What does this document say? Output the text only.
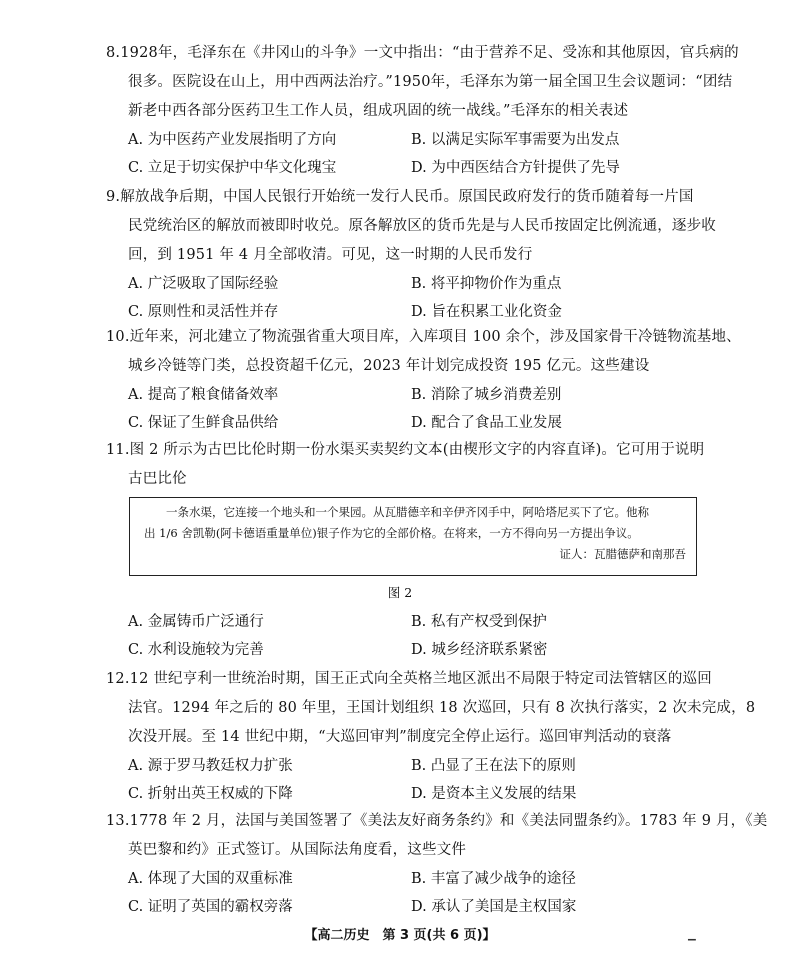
8.1928年，毛泽东在《井冈山的斗争》一文中指出：“由于营养不足、受冻和其他原因，官兵病的
很多。医院设在山上，用中西两法治疗。”1950年，毛泽东为第一届全国卫生会议题词：“团结
新老中西各部分医药卫生工作人员，组成巩固的统一战线。”毛泽东的相关表述
A. 为中医药产业发展指明了方向	B. 以满足实际军事需要为出发点
C. 立足于切实保护中华文化瑰宝	D. 为中西医结合方针提供了先导
9.解放战争后期，中国人民银行开始统一发行人民币。原国民政府发行的货币随着每一片国
民党统治区的解放而被即时收兑。原各解放区的货币先是与人民币按固定比例流通，逐步收
回，到 1951 年 4 月全部收清。可见，这一时期的人民币发行
A. 广泛吸取了国际经验	B. 将平抑物价作为重点
C. 原则性和灵活性并存	D. 旨在积累工业化资金
10.近年来，河北建立了物流强省重大项目库，入库项目 100 余个，涉及国家骨干冷链物流基地、
城乡冷链等门类，总投资超千亿元，2023 年计划完成投资 195 亿元。这些建设
A. 提高了粮食储备效率	B. 消除了城乡消费差别
C. 保证了生鲜食品供给	D. 配合了食品工业发展
11.图 2 所示为古巴比伦时期一份水渠买卖契约文本(由楔形文字的内容直译)。它可用于说明
古巴比伦
一条水渠，它连接一个地头和一个果园。从瓦腊德辛和辛伊齐冈手中，阿哈塔尼买下了它。他称
出 1/6 舍凯勒(阿卡德语重量单位)银子作为它的全部价格。在将来，一方不得向另一方提出争议。
证人：瓦腊德萨和南那吾
图 2
A. 金属铸币广泛通行	B. 私有产权受到保护
C. 水利设施较为完善	D. 城乡经济联系紧密
12.12 世纪亨利一世统治时期，国王正式向全英格兰地区派出不局限于特定司法管辖区的巡回
法官。1294 年之后的 80 年里，王国计划组织 18 次巡回，只有 8 次执行落实，2 次未完成，8
次没开展。至 14 世纪中期，“大巡回审判”制度完全停止运行。巡回审判活动的衰落
A. 源于罗马教廷权力扩张	B. 凸显了王在法下的原则
C. 折射出英王权威的下降	D. 是资本主义发展的结果
13.1778 年 2 月，法国与美国签署了《美法友好商务条约》和《美法同盟条约》。1783 年 9 月，《美
英巴黎和约》正式签订。从国际法角度看，这些文件
A. 体现了大国的双重标准	B. 丰富了减少战争的途径
C. 证明了英国的霸权旁落	D. 承认了美国是主权国家
【高二历史　第 3 页(共 6 页)】	▁
